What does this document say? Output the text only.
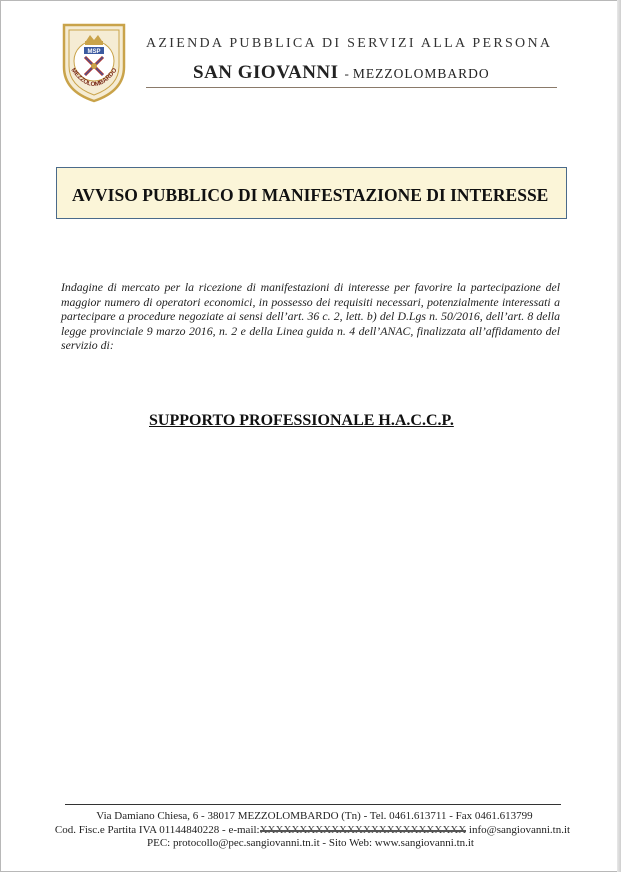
MSP
MEZZOLOMBARDO
AZIENDA PUBBLICA DI SERVIZI ALLA PERSONA
SAN GIOVANNI - MEZZOLOMBARDO
AVVISO PUBBLICO DI MANIFESTAZIONE DI INTERESSE
Indagine di mercato per la ricezione di manifestazioni di interesse per favorire la partecipazione del maggior numero di operatori economici, in possesso dei requisiti necessari, potenzialmente interessati a partecipare a procedure negoziate ai sensi dell’art. 36 c. 2, lett. b) del D.Lgs n. 50/2016, dell’art. 8 della legge provinciale 9 marzo 2016, n. 2 e della Linea guida n. 4 dell’ANAC, finalizzata all’affidamento del servizio di:
SUPPORTO PROFESSIONALE H.A.C.C.P.
Via Damiano Chiesa, 6 - 38017 MEZZOLOMBARDO (Tn) - Tel. 0461.613711 - Fax 0461.613799
Cod. Fisc.e Partita IVA 01144840228 - e-mail:XXXXXXXXXXXXXXXXXXXXXXXXXX info@sangiovanni.tn.it
PEC: protocollo@pec.sangiovanni.tn.it - Sito Web: www.sangiovanni.tn.it
